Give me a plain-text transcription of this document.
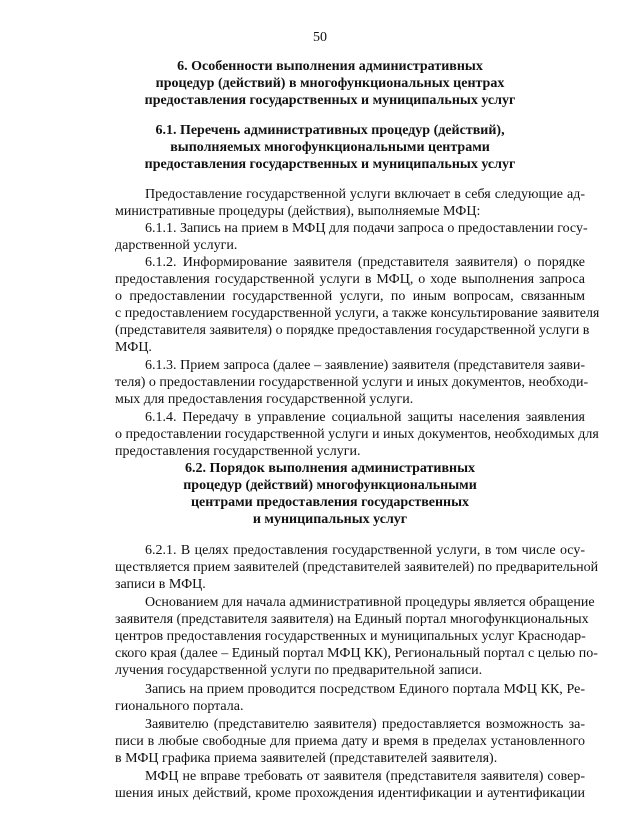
50
6. Особенности выполнения административных
процедур (действий) в многофункциональных центрах
предоставления государственных и муниципальных услуг
6.1. Перечень административных процедур (действий),
выполняемых многофункциональными центрами
предоставления государственных и муниципальных услуг
Предоставление государственной услуги включает в себя следующие ад-
министративные процедуры (действия), выполняемые МФЦ:
6.1.1. Запись на прием в МФЦ для подачи запроса о предоставлении госу-
дарственной услуги.
6.1.2. Информирование заявителя (представителя заявителя) о порядке
предоставления государственной услуги в МФЦ, о ходе выполнения запроса
о предоставлении государственной услуги, по иным вопросам, связанным
с предоставлением государственной услуги, а также консультирование заявителя
(представителя заявителя) о порядке предоставления государственной услуги в
МФЦ.
6.1.3. Прием запроса (далее – заявление) заявителя (представителя заяви-
теля) о предоставлении государственной услуги и иных документов, необходи-
мых для предоставления государственной услуги.
6.1.4. Передачу в управление социальной защиты населения заявления
о предоставлении государственной услуги и иных документов, необходимых для
предоставления государственной услуги.
6.2. Порядок выполнения административных
процедур (действий) многофункциональными
центрами предоставления государственных
и муниципальных услуг
6.2.1. В целях предоставления государственной услуги, в том числе осу-
ществляется прием заявителей (представителей заявителей) по предварительной
записи в МФЦ.
Основанием для начала административной процедуры является обращение
заявителя (представителя заявителя) на Единый портал многофункциональных
центров предоставления государственных и муниципальных услуг Краснодар-
ского края (далее – Единый портал МФЦ КК), Региональный портал с целью по-
лучения государственной услуги по предварительной записи.
Запись на прием проводится посредством Единого портала МФЦ КК, Ре-
гионального портала.
Заявителю (представителю заявителя) предоставляется возможность за-
писи в любые свободные для приема дату и время в пределах установленного
в МФЦ графика приема заявителей (представителей заявителя).
МФЦ не вправе требовать от заявителя (представителя заявителя) совер-
шения иных действий, кроме прохождения идентификации и аутентификации
